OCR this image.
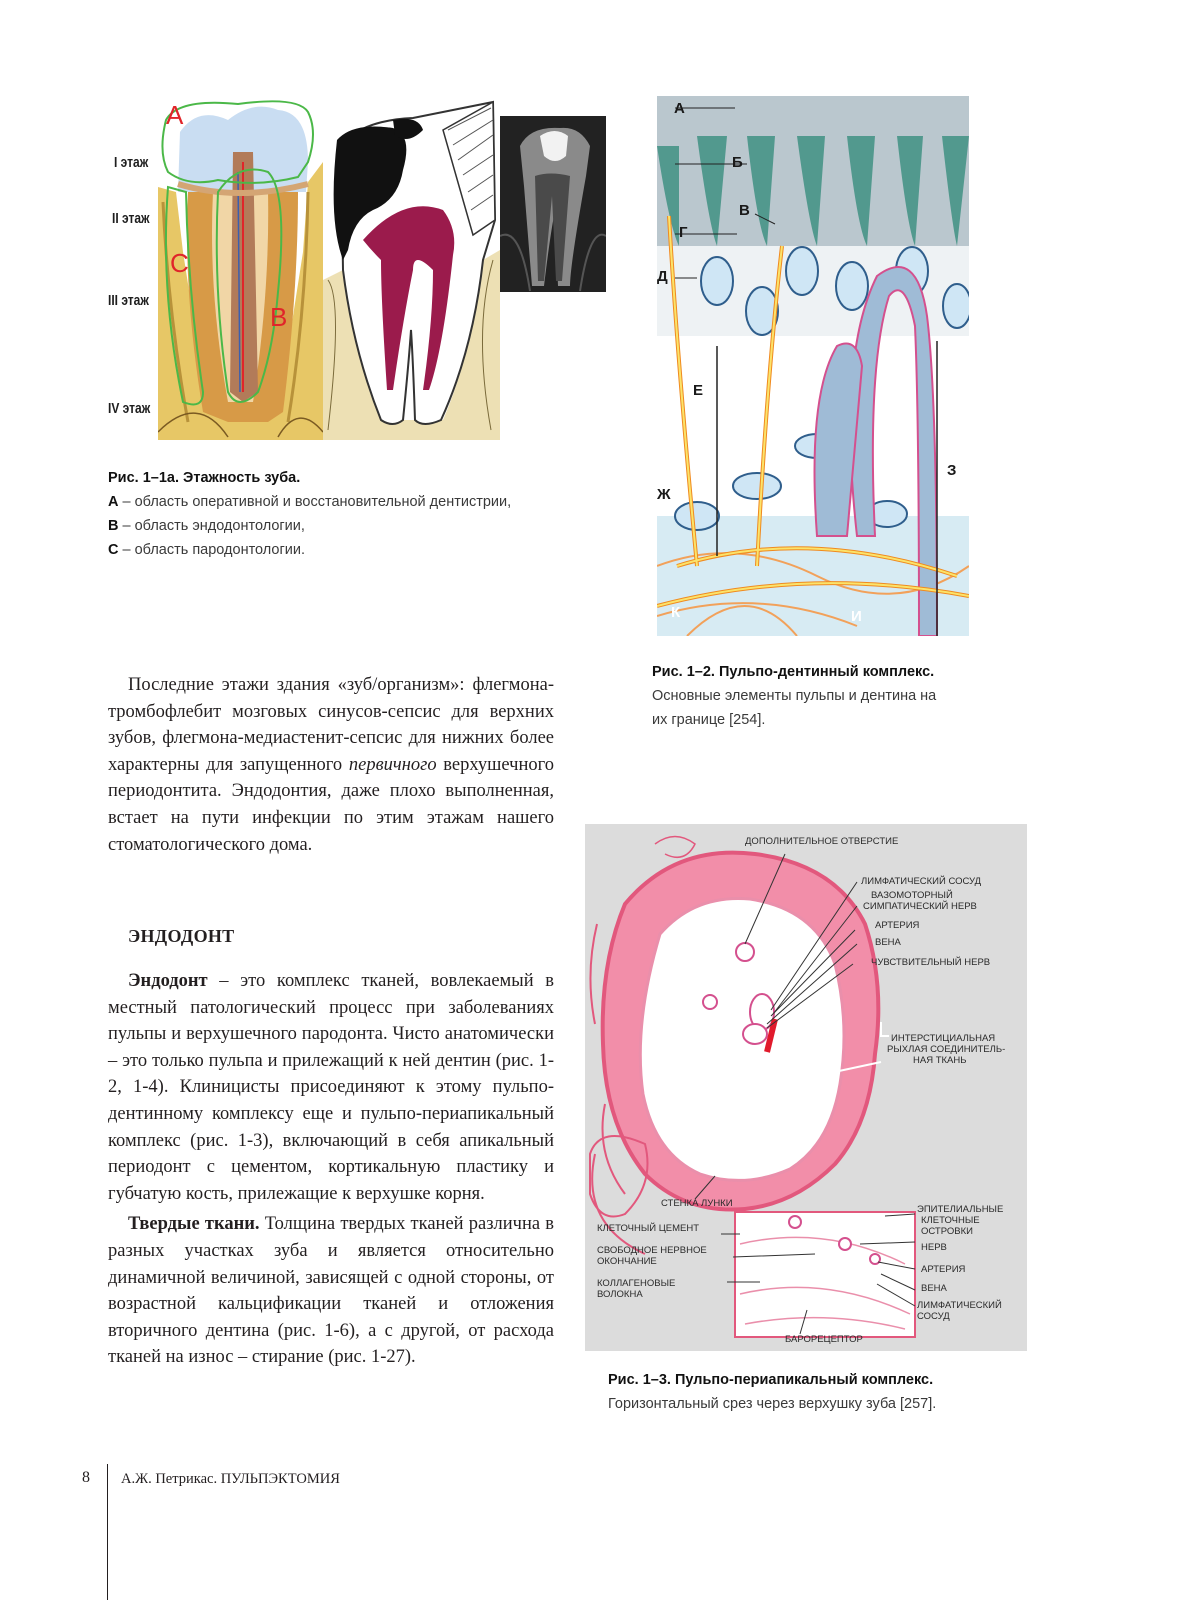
I этаж
II этаж
III этаж
IV этаж
A
C
B
Рис. 1–1а. Этажность зуба.
A – область оперативной и восстановительной дентистрии,
B – область эндодонтологии,
C – область пародонтологии.
А
Б
В
Г
Д
Е
Ж
З
К	И
Рис. 1–2. Пульпо-дентинный комплекс.
Основные элементы пульпы и дентина на
их границе [254].
ДОПОЛНИТЕЛЬНОЕ ОТВЕРСТИЕ
ЛИМФАТИЧЕСКИЙ СОСУД
ВАЗОМОТОРНЫЙ
СИМПАТИЧЕСКИЙ НЕРВ
АРТЕРИЯ
ВЕНА
ЧУВСТВИТЕЛЬНЫЙ НЕРВ
ИНТЕРСТИЦИАЛЬНАЯ
РЫХЛАЯ СОЕДИНИТЕЛЬ-
НАЯ ТКАНЬ
СТЕНКА ЛУНКИ
КЛЕТОЧНЫЙ ЦЕМЕНТ
СВОБОДНОЕ НЕРВНОЕ
ОКОНЧАНИЕ
КОЛЛАГЕНОВЫЕ
ВОЛОКНА
ЭПИТЕЛИАЛЬНЫЕ
КЛЕТОЧНЫЕ
ОСТРОВКИ
НЕРВ
АРТЕРИЯ
ВЕНА
ЛИМФАТИЧЕСКИЙ
СОСУД
БАРОРЕЦЕПТОР
Рис. 1–3. Пульпо-периапикальный комплекс.
Горизонтальный срез через верхушку зуба [257].

Последние этажи здания «зуб/организм»: флегмона-тромбофлебит мозговых синусов-сепсис для верхних зубов, флегмона-медиастенит-сепсис для нижних более характерны для запущенного первичного верхушечного периодонтита. Эндодонтия, даже плохо выполненная, встает на пути инфекции по этим этажам нашего стоматологического дома.

ЭНДОДОНТ

Эндодонт – это комплекс тканей, вовлекаемый в местный патологический процесс при заболеваниях пульпы и верхушечного пародонта. Чисто анатомически – это только пульпа и прилежащий к ней дентин (рис. 1-2, 1-4). Клиницисты присоединяют к этому пульпо-дентинному комплексу еще и пульпо-периапикальный комплекс (рис. 1-3), включающий в себя апикальный периодонт с цементом, кортикальную пластику и губчатую кость, прилежащие к верхушке корня.

Твердые ткани. Толщина твердых тканей различна в разных участках зуба и является относительно динамичной величиной, зависящей с одной стороны, от возрастной кальцификации тканей и отложения вторичного дентина (рис. 1-6), а с другой, от расхода тканей на износ – стирание (рис. 1-27).

8 А.Ж. Петрикас. ПУЛЬПЭКТОМИЯ
